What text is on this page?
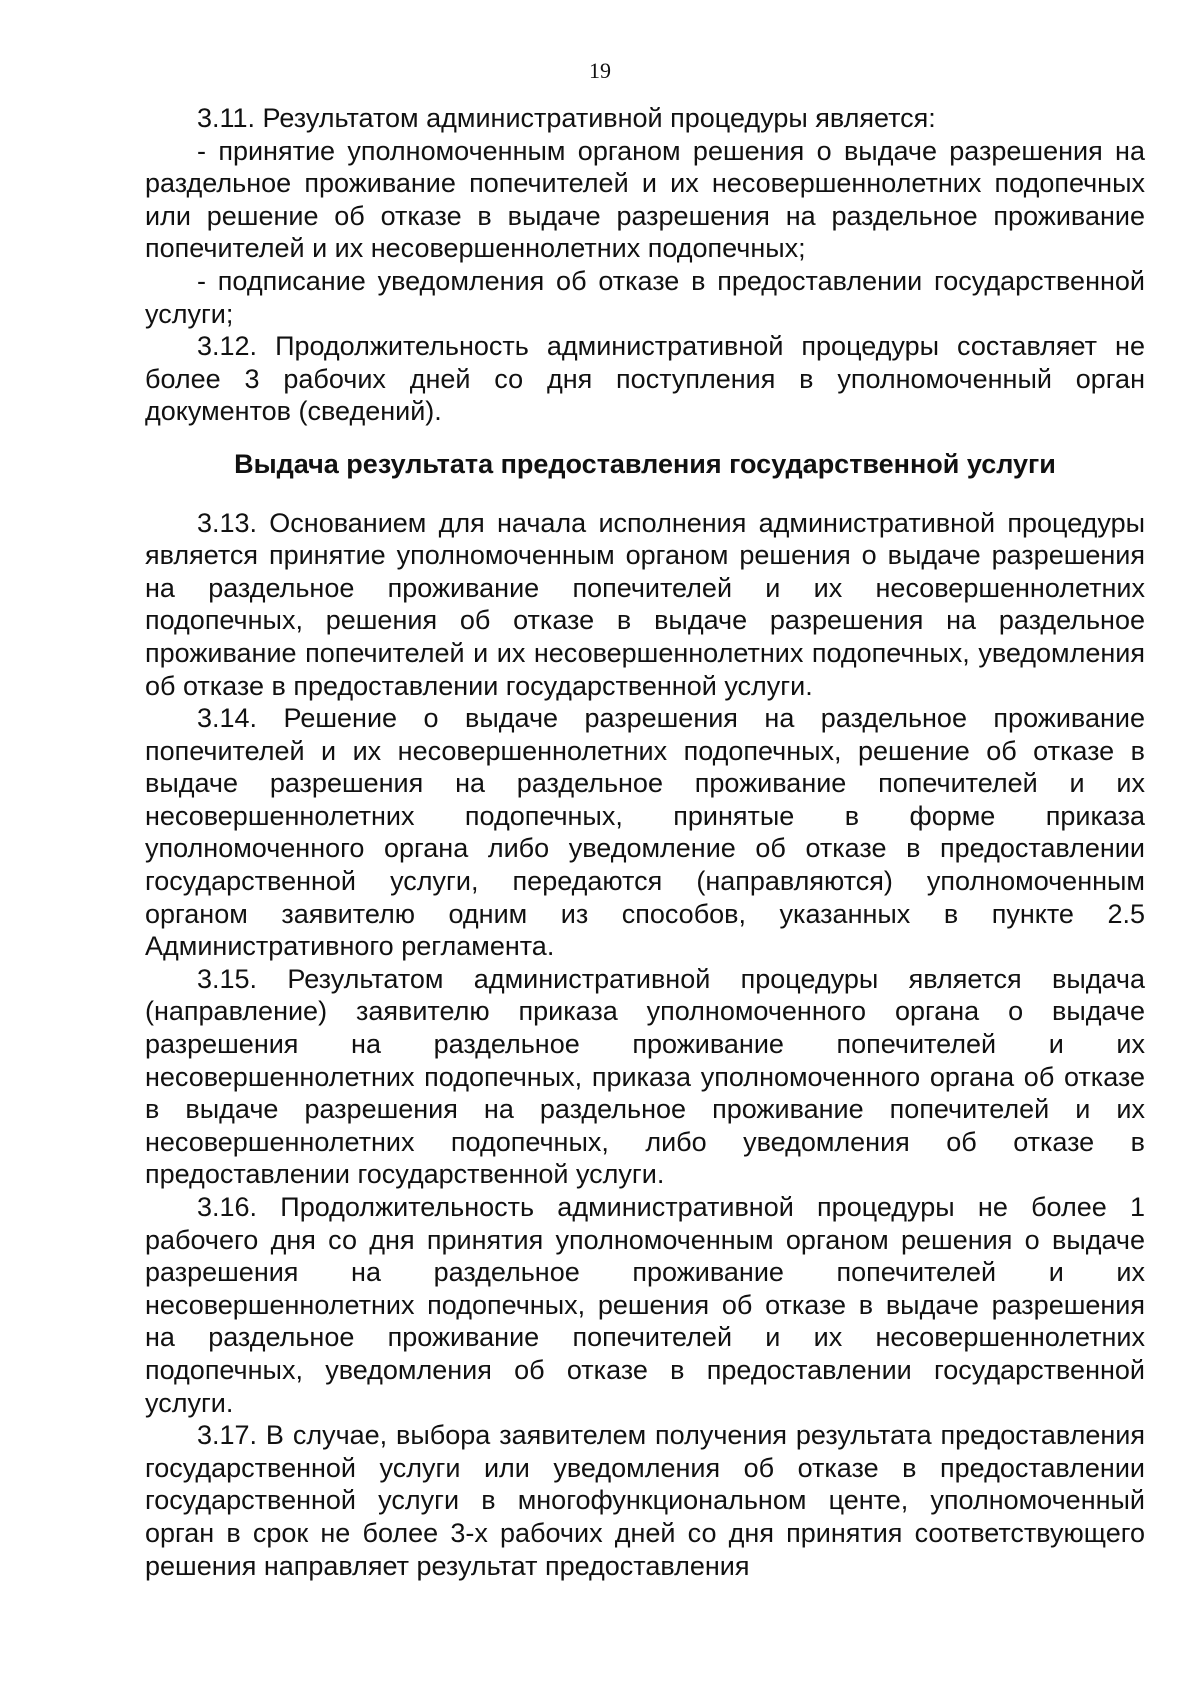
19

3.11. Результатом административной процедуры является:

- принятие уполномоченным органом решения о выдаче разрешения на раздельное проживание попечителей и их несовершеннолетних подопечных или решение об отказе в выдаче разрешения на раздельное проживание попечителей и их несовершеннолетних подопечных;

- подписание уведомления об отказе в предоставлении государственной услуги;

3.12. Продолжительность административной процедуры составляет не более 3 рабочих дней со дня поступления в уполномоченный орган документов (сведений).

Выдача результата предоставления государственной услуги

3.13. Основанием для начала исполнения административной процедуры является принятие уполномоченным органом решения о выдаче разрешения на раздельное проживание попечителей и их несовершеннолетних подопечных, решения об отказе в выдаче разрешения на раздельное проживание попечителей и их несовершеннолетних подопечных, уведомления об отказе в предоставлении государственной услуги.

3.14. Решение о выдаче разрешения на раздельное проживание попечителей и их несовершеннолетних подопечных, решение об отказе в выдаче разрешения на раздельное проживание попечителей и их несовершеннолетних подопечных, принятые в форме приказа уполномоченного органа либо уведомление об отказе в предоставлении государственной услуги, передаются (направляются) уполномоченным органом заявителю одним из способов, указанных в пункте 2.5 Административного регламента.

3.15. Результатом административной процедуры является выдача (направление) заявителю приказа уполномоченного органа о выдаче разрешения на раздельное проживание попечителей и их несовершеннолетних подопечных, приказа уполномоченного органа об отказе в выдаче разрешения на раздельное проживание попечителей и их несовершеннолетних подопечных, либо уведомления об отказе в предоставлении государственной услуги.

3.16. Продолжительность административной процедуры не более 1 рабочего дня со дня принятия уполномоченным органом решения о выдаче разрешения на раздельное проживание попечителей и их несовершеннолетних подопечных, решения об отказе в выдаче разрешения на раздельное проживание попечителей и их несовершеннолетних подопечных, уведомления об отказе в предоставлении государственной услуги.

3.17. В случае, выбора заявителем получения результата предоставления государственной услуги или уведомления об отказе в предоставлении государственной услуги в многофункциональном центе, уполномоченный орган в срок не более 3-х рабочих дней со дня принятия соответствующего решения направляет результат предоставления
